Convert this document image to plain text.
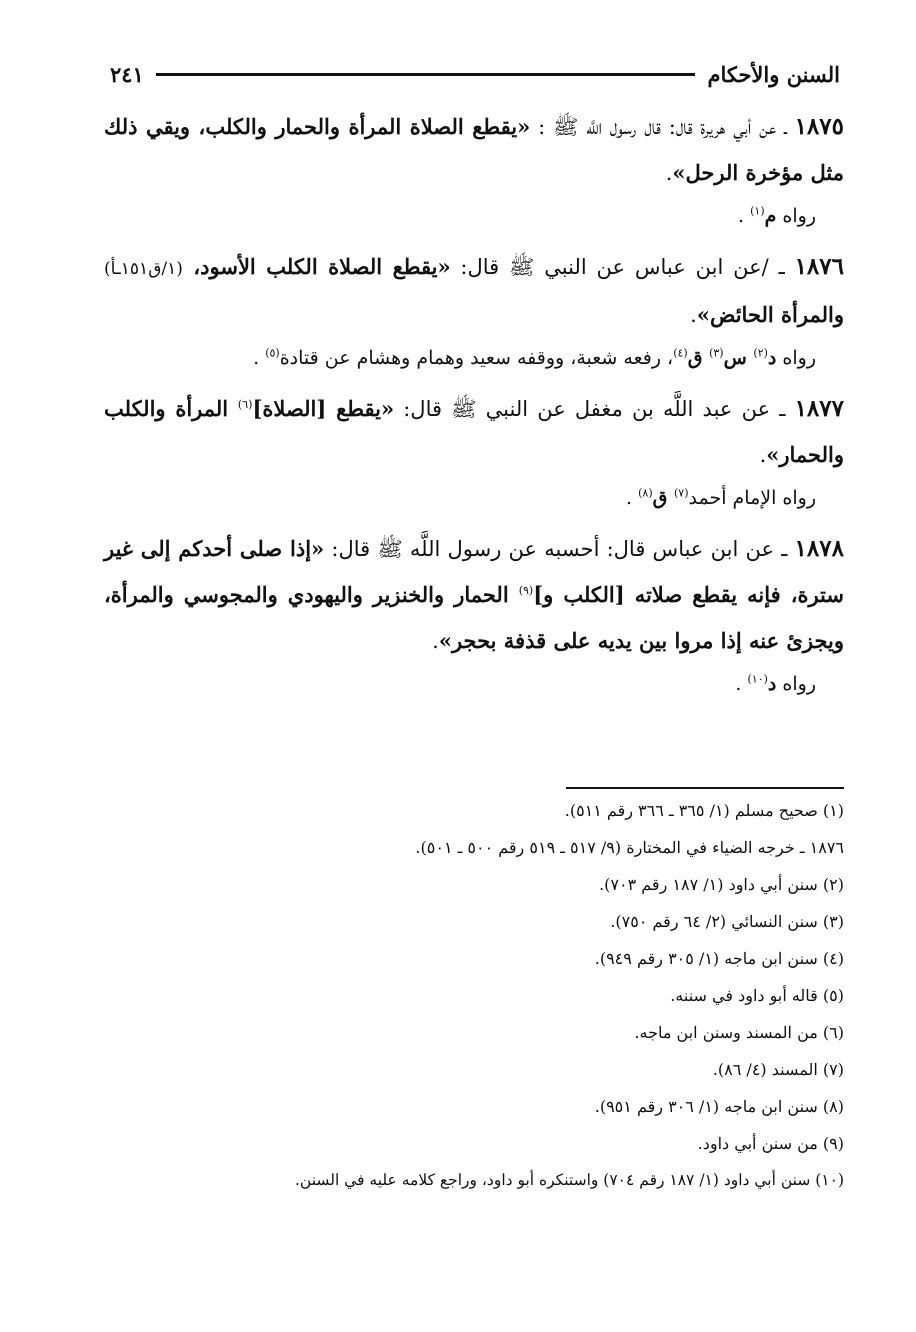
السنن والأحكام
٢٤١

١٨٧٥ ـ عن أبي هريرة قال: قال رسول اللَّه ﷺ : «يقطع الصلاة المرأة والحمار والكلب، ويقي ذلك مثل مؤخرة الرحل».

رواه م$^{(١)}$ .

١٨٧٦ ـ /عن ابن عباس عن النبي ﷺ قال: «يقطع الصلاة الكلب الأسود، (١/ق١٥١ـأ) والمرأة الحائض».

رواه د$^{(٢)}$ س$^{(٣)}$ ق$^{(٤)}$، رفعه شعبة، ووقفه سعيد وهمام وهشام عن قتادة$^{(٥)}$ .

١٨٧٧ ـ عن عبد اللَّه بن مغفل عن النبي ﷺ قال: «يقطع [الصلاة]$^{(٦)}$ المرأة والكلب والحمار».

رواه الإمام أحمد$^{(٧)}$ ق$^{(٨)}$ .

١٨٧٨ ـ عن ابن عباس قال: أحسبه عن رسول اللَّه ﷺ قال: «إذا صلى أحدكم إلى غير سترة، فإنه يقطع صلاته [الكلب و]$^{(٩)}$ الحمار والخنزير واليهودي والمجوسي والمرأة، ويجزئ عنه إذا مروا بين يديه على قذفة بحجر».

رواه د$^{(١٠)}$ .

(١) صحيح مسلم (١/ ٣٦٥ ـ ٣٦٦ رقم ٥١١).

١٨٧٦ ـ خرجه الضياء في المختارة (٩/ ٥١٧ ـ ٥١٩ رقم ٥٠٠ ـ ٥٠١).

(٢) سنن أبي داود (١/ ١٨٧ رقم ٧٠٣).

(٣) سنن النسائي (٢/ ٦٤ رقم ٧٥٠).

(٤) سنن ابن ماجه (١/ ٣٠٥ رقم ٩٤٩).

(٥) قاله أبو داود في سننه.

(٦) من المسند وسنن ابن ماجه.

(٧) المسند (٤/ ٨٦).

(٨) سنن ابن ماجه (١/ ٣٠٦ رقم ٩٥١).

(٩) من سنن أبي داود.

(١٠) سنن أبي داود (١/ ١٨٧ رقم ٧٠٤) واستنكره أبو داود، وراجع كلامه عليه في السنن.
